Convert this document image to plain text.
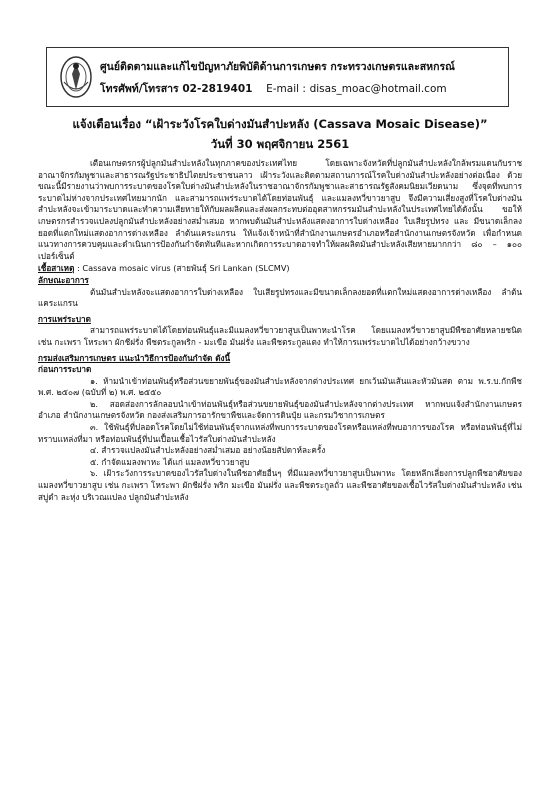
ศูนย์ติดตามและแก้ไขปัญหาภัยพิบัติด้านการเกษตร กระทรวงเกษตรและสหกรณ์
โทรศัพท์/โทรสาร 02-2819401 E-mail : disas_moac@hotmail.com
แจ้งเตือนเรื่อง “เฝ้าระวังโรคใบด่างมันสำปะหลัง (Cassava Mosaic Disease)”
วันที่ 30 พฤศจิกายน 2561

เตือนเกษตรกรผู้ปลูกมันสำปะหลังในทุกภาคของประเทศไทย โดยเฉพาะจังหวัดที่ปลูกมันสำปะหลังใกล้พรมแดนกับราชอาณาจักรกัมพูชาและสาธารณรัฐประชาธิปไตยประชาชนลาว เฝ้าระวังและติดตามสถานการณ์โรคใบด่างมันสำปะหลังอย่างต่อเนื่อง ด้วยขณะนี้มีรายงานว่าพบการระบาดของโรคใบด่างมันสำปะหลังในราชอาณาจักรกัมพูชาและสาธารณรัฐสังคมนิยมเวียดนาม ซึ่งจุดที่พบการระบาดไม่ห่างจากประเทศไทยมากนัก และสามารถแพร่ระบาดได้โดยท่อนพันธุ์ และแมลงหวี่ขาวยาสูบ จึงมีความเสี่ยงสูงที่โรคใบด่างมันสำปะหลังจะเข้ามาระบาดและทำความเสียหายให้กับผลผลิตและส่งผลกระทบต่ออุตสาหกรรมมันสำปะหลังในประเทศไทยได้ดังนั้น ขอให้เกษตรกรสำรวจแปลงปลูกมันสำปะหลังอย่างสม่ำเสมอ หากพบต้นมันสำปะหลังแสดงอาการใบด่างเหลือง ใบเสียรูปทรง และ มีขนาดเล็กลง ยอดที่แตกใหม่แสดงอาการด่างเหลือง ลำต้นแคระแกรน ให้แจ้งเจ้าหน้าที่สำนักงานเกษตรอำเภอหรือสำนักงานเกษตรจังหวัด เพื่อกำหนดแนวทางการควบคุมและดำเนินการป้องกันกำจัดทันทีและหากเกิดการระบาดอาจทำให้ผลผลิตมันสำปะหลังเสียหายมากกว่า ๘๐ – ๑๐๐ เปอร์เซ็นต์

เชื้อสาเหตุ : Cassava mosaic virus (สายพันธุ์ Sri Lankan (SLCMV)

ลักษณะอาการ

ต้นมันสำปะหลังจะแสดงอาการใบด่างเหลือง ใบเสียรูปทรงและมีขนาดเล็กลงยอดที่แตกใหม่แสดงอาการด่างเหลือง ลำต้นแคระแกรน

การแพร่ระบาด

สามารถแพร่ระบาดได้โดยท่อนพันธุ์และมีแมลงหวี่ขาวยาสูบเป็นพาหะนำโรค โดยแมลงหวี่ขาวยาสูบมีพืชอาศัยหลายชนิด เช่น กะเพรา โหระพา ผักชีฝรั่ง พืชตระกูลพริก - มะเขือ มันฝรั่ง และพืชตระกูลแตง ทำให้การแพร่ระบาดไปได้อย่างกว้างขวาง

กรมส่งเสริมการเกษตร แนะนำวิธีการป้องกันกำจัด ดังนี้

ก่อนการระบาด

๑. ห้ามนำเข้าท่อนพันธุ์หรือส่วนขยายพันธุ์ของมันสำปะหลังจากต่างประเทศ ยกเว้นมันเส้นและหัวมันสด ตาม พ.ร.บ.กักพืช พ.ศ. ๒๕๐๗ (ฉบับที่ ๒) พ.ศ. ๒๕๕๐

๒. สอดส่องการลักลอบนำเข้าท่อนพันธุ์หรือส่วนขยายพันธุ์ของมันสำปะหลังจากต่างประเทศ หากพบแจ้งสำนักงานเกษตรอำเภอ สำนักงานเกษตรจังหวัด กองส่งเสริมการอารักขาพืชและจัดการดินปุ๋ย และกรมวิชาการเกษตร

๓. ใช้พันธุ์ที่ปลอดโรคโดยไม่ใช้ท่อนพันธุ์จากแหล่งที่พบการระบาดของโรคหรือแหล่งที่พบอาการของโรค หรือท่อนพันธุ์ที่ไม่ทราบแหล่งที่มา หรือท่อนพันธุ์ที่ปนเปื้อนเชื้อไวรัสใบด่างมันสำปะหลัง

๔. สำรวจแปลงมันสำปะหลังอย่างสม่ำเสมอ อย่างน้อยสัปดาห์ละครั้ง

๕. กำจัดแมลงพาหะ ได้แก่ แมลงหวี่ขาวยาสูบ

๖. เฝ้าระวังการระบาดของไวรัสใบด่างในพืชอาศัยอื่นๆ ที่มีแมลงหวี่ขาวยาสูบเป็นพาหะ โดยหลีกเลี่ยงการปลูกพืชอาศัยของแมลงหวี่ขาวยาสูบ เช่น กะเพรา โหระพา ผักชีฝรั่ง พริก มะเขือ มันฝรั่ง และพืชตระกูลถั่ว และพืชอาศัยของเชื้อไวรัสใบด่างมันสำปะหลัง เช่น สบู่ดำ ละหุ่ง บริเวณแปลง ปลูกมันสำปะหลัง
